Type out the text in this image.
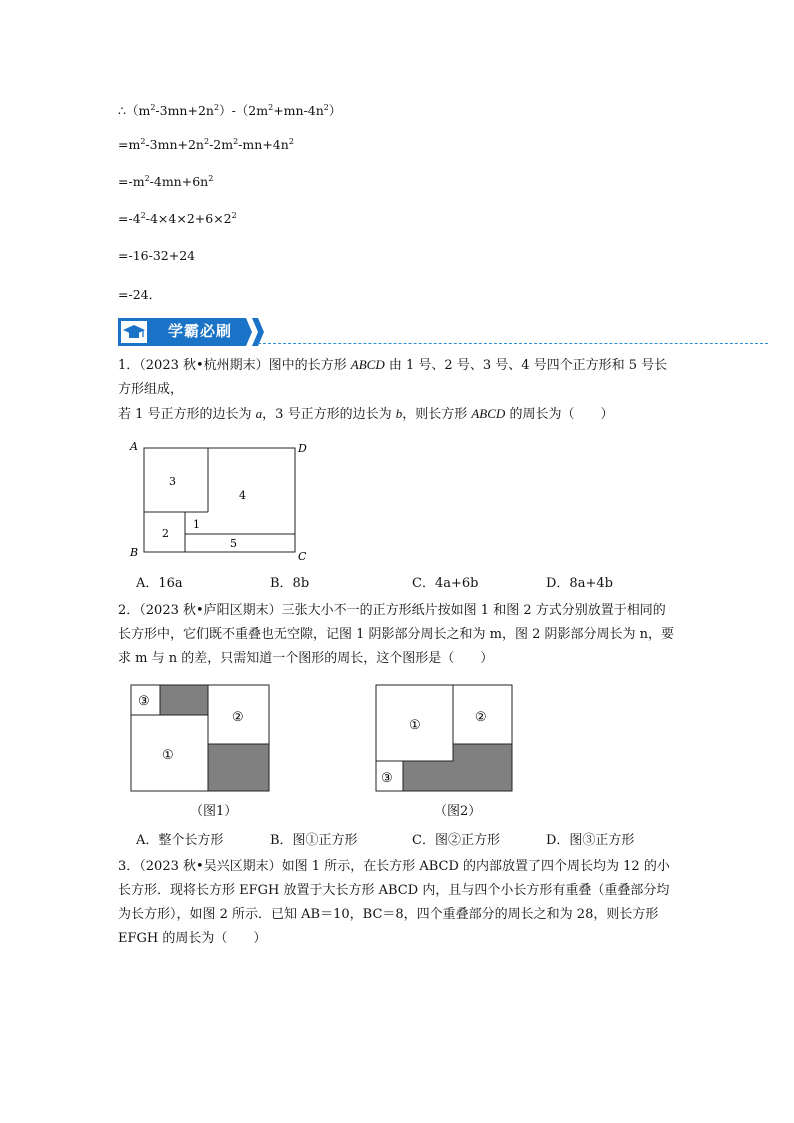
$\therefore(m^2-3mn+2n^2)-(2m^2+mn-4n^2)$
$=m^2-3mn+2n^2-2m^2-mn+4n^2$
$=-m^2-4mn+6n^2$
$=-4^2-4\times 4\times 2+6\times 2^2$
=-16-32+24
=-24．
学霸必刷
1．（2023 秋•杭州期末）图中的长方形 ABCD 由 1 号、2 号、3 号、4 号四个正方形和 5 号长方形组成，
若 1 号正方形的边长为 a，3 号正方形的边长为 b，则长方形 ABCD 的周长为（　　）
3
4
2
1
5
A	D
B	C
A．16a	B．8b	C．4a+6b	D．8a+4b
2．（2023 秋•庐阳区期末）三张大小不一的正方形纸片按如图 1 和图 2 方式分别放置于相同的长方形中，它们既不重叠也无空隙，记图 1 阴影部分周长之和为 m，图 2 阴影部分周长为 n，要求 m 与 n 的差，只需知道一个图形的周长，这个图形是（　　）
③
①
②
（图1）
①
②
③
（图2）
A．整个长方形	B．图①正方形	C．图②正方形	D．图③正方形
3．（2023 秋•吴兴区期末）如图 1 所示，在长方形 ABCD 的内部放置了四个周长均为 12 的小长方形．现将长方形 EFGH 放置于大长方形 ABCD 内，且与四个小长方形有重叠（重叠部分均为长方形），如图 2 所示．已知 AB＝10，BC＝8，四个重叠部分的周长之和为 28，则长方形 EFGH 的周长为（　　）
